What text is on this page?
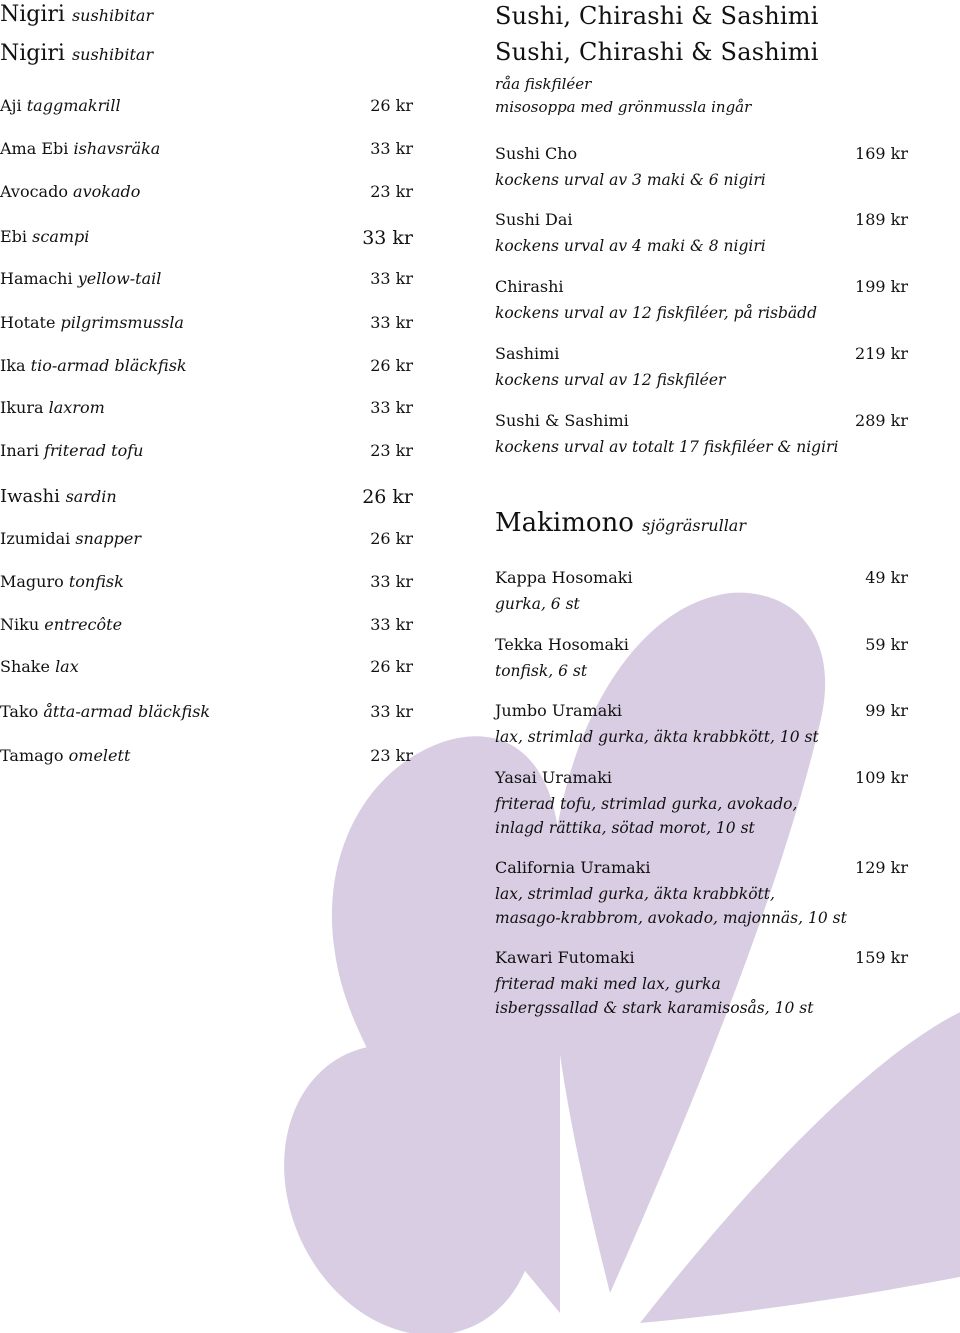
Nigiri sushibitar
Nigiri sushibitar
Aji taggmakrill	26 kr
Ama Ebi ishavsräka	33 kr
Avocado avokado	23 kr
Ebi scampi	33 kr
Hamachi yellow-tail	33 kr
Hotate pilgrimsmussla	33 kr
Ika tio-armad bläckfisk	26 kr
Ikura laxrom	33 kr
Inari friterad tofu	23 kr
Iwashi sardin	26 kr
Izumidai snapper	26 kr
Maguro tonfisk	33 kr
Niku entrecôte	33 kr
Shake lax	26 kr
Tako åtta-armad bläckfisk	33 kr
Tamago omelett	23 kr
Sushi, Chirashi & Sashimi
Sushi, Chirashi & Sashimi
råa fiskfiléer
misosoppa med grönmussla ingår
Sushi Cho
kockens urval av 3 maki & 6 nigiri
169 kr
Sushi Dai
kockens urval av 4 maki & 8 nigiri
189 kr
Chirashi
kockens urval av 12 fiskfiléer, på risbädd
199 kr
Sashimi
kockens urval av 12 fiskfiléer
219 kr
Sushi & Sashimi
kockens urval av totalt 17 fiskfiléer & nigiri
289 kr
Makimono sjögräsrullar
Kappa Hosomaki
gurka, 6 st
49 kr
Tekka Hosomaki
tonfisk, 6 st
59 kr
Jumbo Uramaki
lax, strimlad gurka, äkta krabbkött, 10 st
99 kr
Yasai Uramaki
friterad tofu, strimlad gurka, avokado,
inlagd rättika, sötad morot, 10 st
109 kr
California Uramaki
lax, strimlad gurka, äkta krabbkött,
masago-krabbrom, avokado, majonnäs, 10 st
129 kr
Kawari Futomaki
friterad maki med lax, gurka
isbergssallad & stark karamisosås, 10 st
159 kr
